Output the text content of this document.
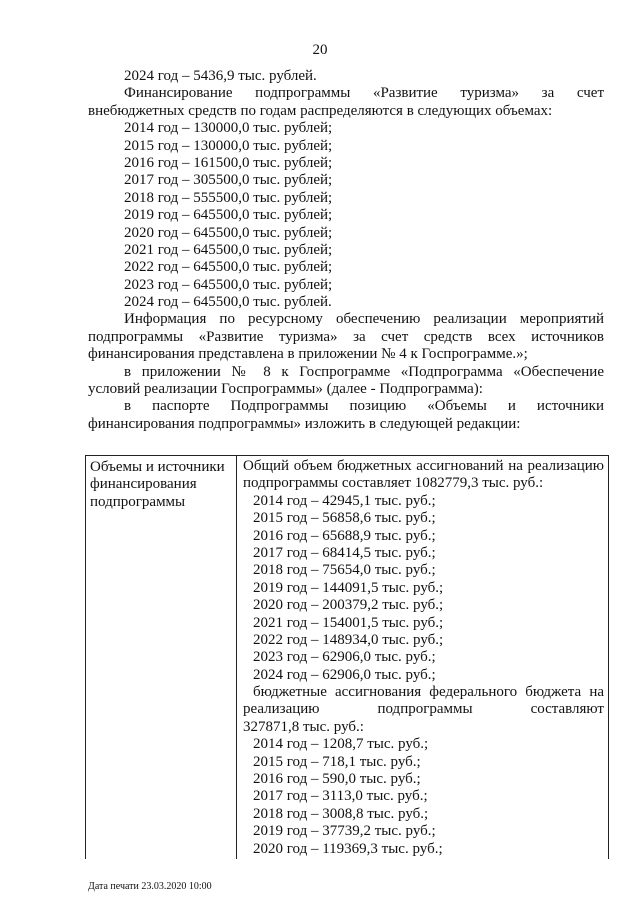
20
2024 год – 5436,9 тыс. рублей.
Финансирование подпрограммы «Развитие туризма» за счет
внебюджетных средств по годам распределяются в следующих объемах:
2014 год – 130000,0 тыс. рублей;
2015 год – 130000,0 тыс. рублей;
2016 год – 161500,0 тыс. рублей;
2017 год – 305500,0 тыс. рублей;
2018 год – 555500,0 тыс. рублей;
2019 год – 645500,0 тыс. рублей;
2020 год – 645500,0 тыс. рублей;
2021 год – 645500,0 тыс. рублей;
2022 год – 645500,0 тыс. рублей;
2023 год – 645500,0 тыс. рублей;
2024 год – 645500,0 тыс. рублей.
Информация по ресурсному обеспечению реализации мероприятий
подпрограммы «Развитие туризма» за счет средств всех источников
финансирования представлена в приложении № 4 к Госпрограмме.»;
в приложении № 8 к Госпрограмме «Подпрограмма «Обеспечение
условий реализации Госпрограммы» (далее - Подпрограмма):
в паспорте Подпрограммы позицию «Объемы и источники
финансирования подпрограммы» изложить в следующей редакции:
Объемы и источники
финансирования
подпрограммы
Общий объем бюджетных ассигнований на реализацию
подпрограммы составляет 1082779,3 тыс. руб.:
2014 год – 42945,1 тыс. руб.;
2015 год – 56858,6 тыс. руб.;
2016 год – 65688,9 тыс. руб.;
2017 год – 68414,5 тыс. руб.;
2018 год – 75654,0 тыс. руб.;
2019 год – 144091,5 тыс. руб.;
2020 год – 200379,2 тыс. руб.;
2021 год – 154001,5 тыс. руб.;
2022 год – 148934,0 тыс. руб.;
2023 год – 62906,0 тыс. руб.;
2024 год – 62906,0 тыс. руб.;
бюджетные ассигнования федерального бюджета на
реализацию подпрограммы составляют
327871,8 тыс. руб.:
2014 год – 1208,7 тыс. руб.;
2015 год – 718,1 тыс. руб.;
2016 год – 590,0 тыс. руб.;
2017 год – 3113,0 тыс. руб.;
2018 год – 3008,8 тыс. руб.;
2019 год – 37739,2 тыс. руб.;
2020 год – 119369,3 тыс. руб.;
Дата печати 23.03.2020 10:00
